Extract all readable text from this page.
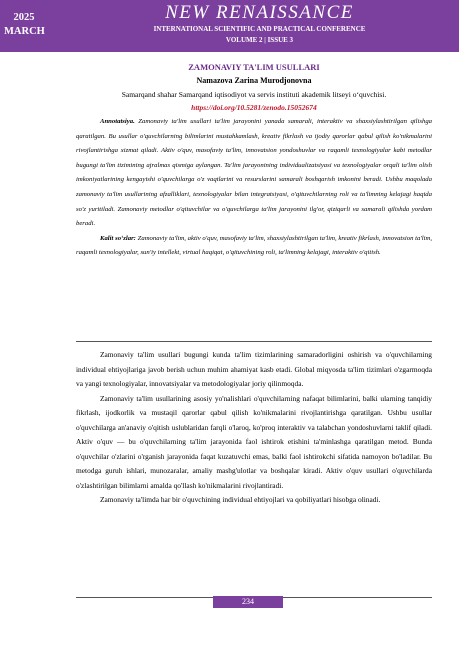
2025
MARCH
NEW RENAISSANCE
INTERNATIONAL SCIENTIFIC AND PRACTICAL CONFERENCE
VOLUME 2 | ISSUE 3
ZAMONAVIY TA'LIM USULLARI
Namazova Zarina Murodjonovna
Samarqand shahar Samarqand iqtisodiyot va servis instituti akademik litseyi o‘quvchisi.
https://doi.org/10.5281/zenodo.15052674

Annotatsiya. Zamonaviy ta'lim usullari ta'lim jarayonini yanada samarali, interaktiv va shaxsiylashtirilgan qilishga qaratilgan. Bu usullar o'quvchilarning bilimlarini mustahkamlash, kreativ fikrlash va ijodiy qarorlar qabul qilish ko'nikmalarini rivojlantirishga xizmat qiladi. Aktiv o'quv, masofaviy ta'lim, innovatsion yondoshuvlar va raqamli texnologiyalar kabi metodlar bugungi ta'lim tizimining ajralmas qismiga aylangan. Ta'lim jarayonining individualizatsiyasi va texnologiyalar orqali ta'lim olish imkoniyatlarining kengayishi o'quvchilarga o'z vaqtlarini va resurslarini samarali boshqarish imkonini beradi. Ushbu maqolada zamonaviy ta'lim usullarining afzalliklari, texnologiyalar bilan integratsiyasi, o'qituvchilarning roli va ta'limning kelajagi haqida so'z yuritiladi. Zamonaviy metodlar o'qituvchilar va o'quvchilarga ta'lim jarayonini ilg'or, qiziqarli va samarali qilishda yordam beradi.

Kalit so‘zlar: Zamonaviy ta'lim, aktiv o'quv, masofaviy ta'lim, shaxsiylashtirilgan ta'lim, kreativ fikrlash, innovatsion ta'lim, raqamli texnologiyalar, sun'iy intellekt, virtual haqiqat, o'qituvchining roli, ta'limning kelajagi, interaktiv o'qitish.

Zamonaviy ta'lim usullari bugungi kunda ta'lim tizimlarining samaradorligini oshirish va o'quvchilarning individual ehtiyojlariga javob berish uchun muhim ahamiyat kasb etadi. Global miqyosda ta'lim tizimlari o'zgarmoqda va yangi texnologiyalar, innovatsiyalar va metodologiyalar joriy qilinmoqda.

Zamonaviy ta'lim usullarining asosiy yo'nalishlari o'quvchilarning nafaqat bilimlarini, balki ularning tanqidiy fikrlash, ijodkorlik va mustaqil qarorlar qabul qilish ko'nikmalarini rivojlantirishga qaratilgan. Ushbu usullar o'quvchilarga an'anaviy o'qitish uslublaridan farqli o'laroq, ko'proq interaktiv va talabchan yondoshuvlarni taklif qiladi. Aktiv o'quv — bu o'quvchilarning ta'lim jarayonida faol ishtirok etishini ta'minlashga qaratilgan metod. Bunda o'quvchilar o'zlarini o'rganish jarayonida faqat kuzatuvchi emas, balki faol ishtirokchi sifatida namoyon bo'ladilar. Bu metodga guruh ishlari, munozaralar, amaliy mashg'ulotlar va boshqalar kiradi. Aktiv o'quv usullari o'quvchilarda o'zlashtirilgan bilimlarni amalda qo'llash ko'nikmalarini rivojlantiradi.

Zamonaviy ta'limda har bir o'quvchining individual ehtiyojlari va qobiliyatlari hisobga olinadi.

234
